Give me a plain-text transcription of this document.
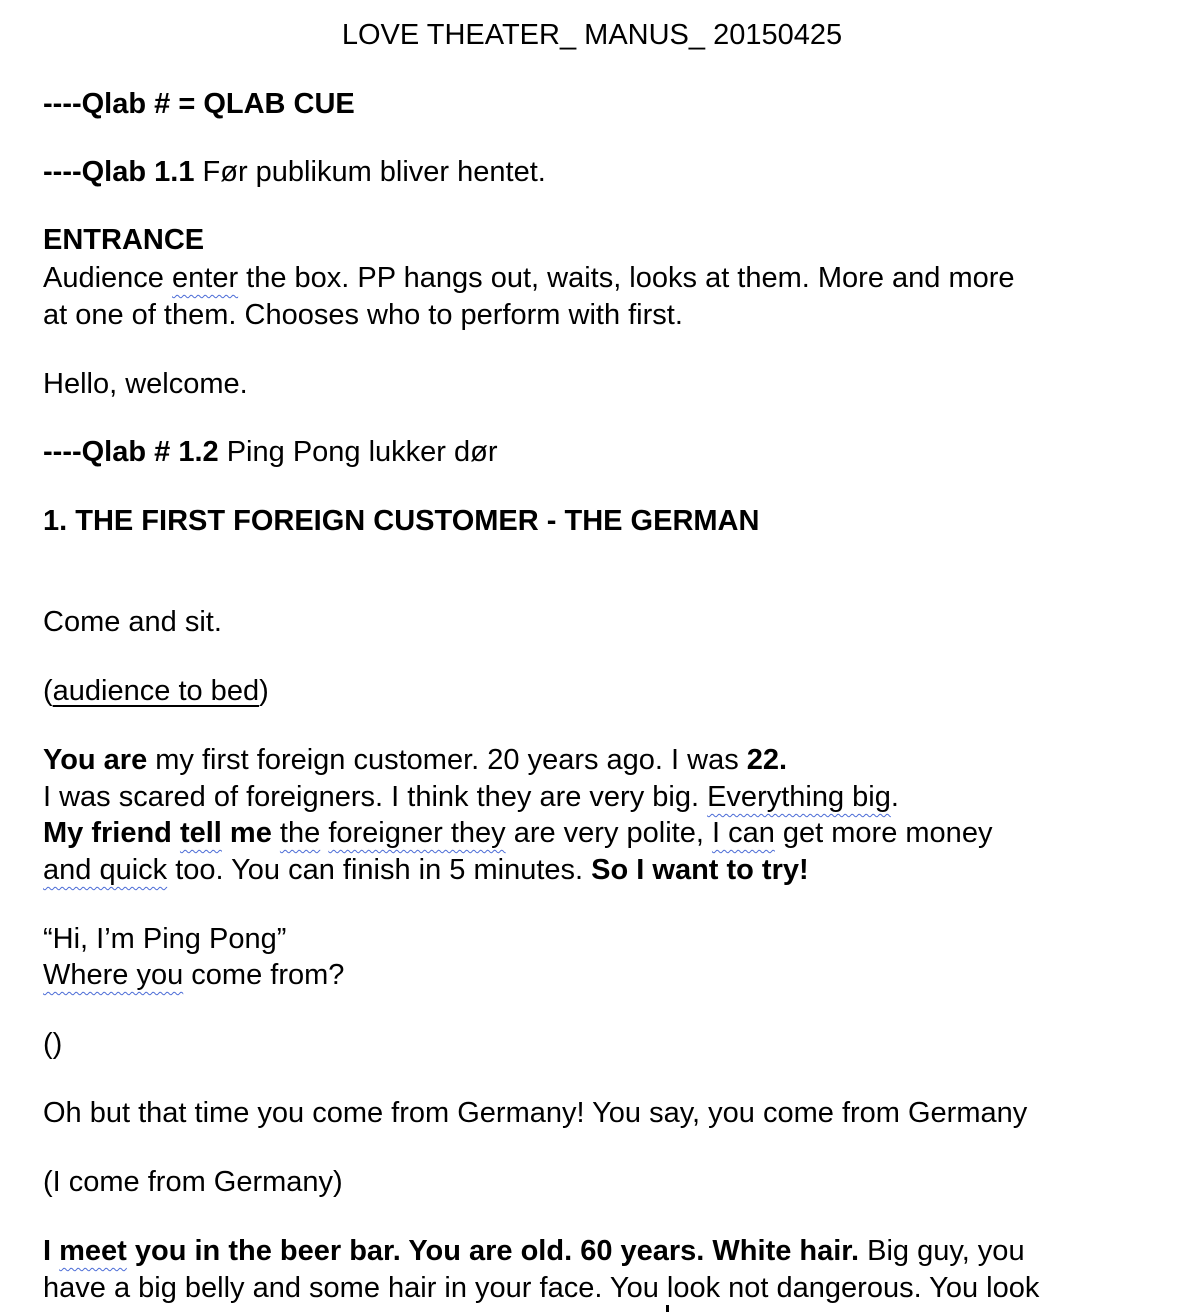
LOVE THEATER_ MANUS_ 20150425
----Qlab # = QLAB CUE
----Qlab 1.1 Før publikum bliver hentet.
ENTRANCE
Audience enter the box. PP hangs out, waits, looks at them. More and more
at one of them. Chooses who to perform with first.
Hello, welcome.
----Qlab # 1.2 Ping Pong lukker dør
1. THE FIRST FOREIGN CUSTOMER - THE GERMAN
Come and sit.
(audience to bed)
You are my first foreign customer. 20 years ago. I was 22.
I was scared of foreigners. I think they are very big. Everything big.
My friend tell me the foreigner they are very polite, I can get more money
and quick too. You can finish in 5 minutes. So I want to try!
“Hi, I’m Ping Pong”
Where you come from?
()
Oh but that time you come from Germany! You say, you come from Germany
(I come from Germany)
I meet you in the beer bar. You are old. 60 years. White hair. Big guy, you
have a big belly and some hair in your face. You look not dangerous. You look
